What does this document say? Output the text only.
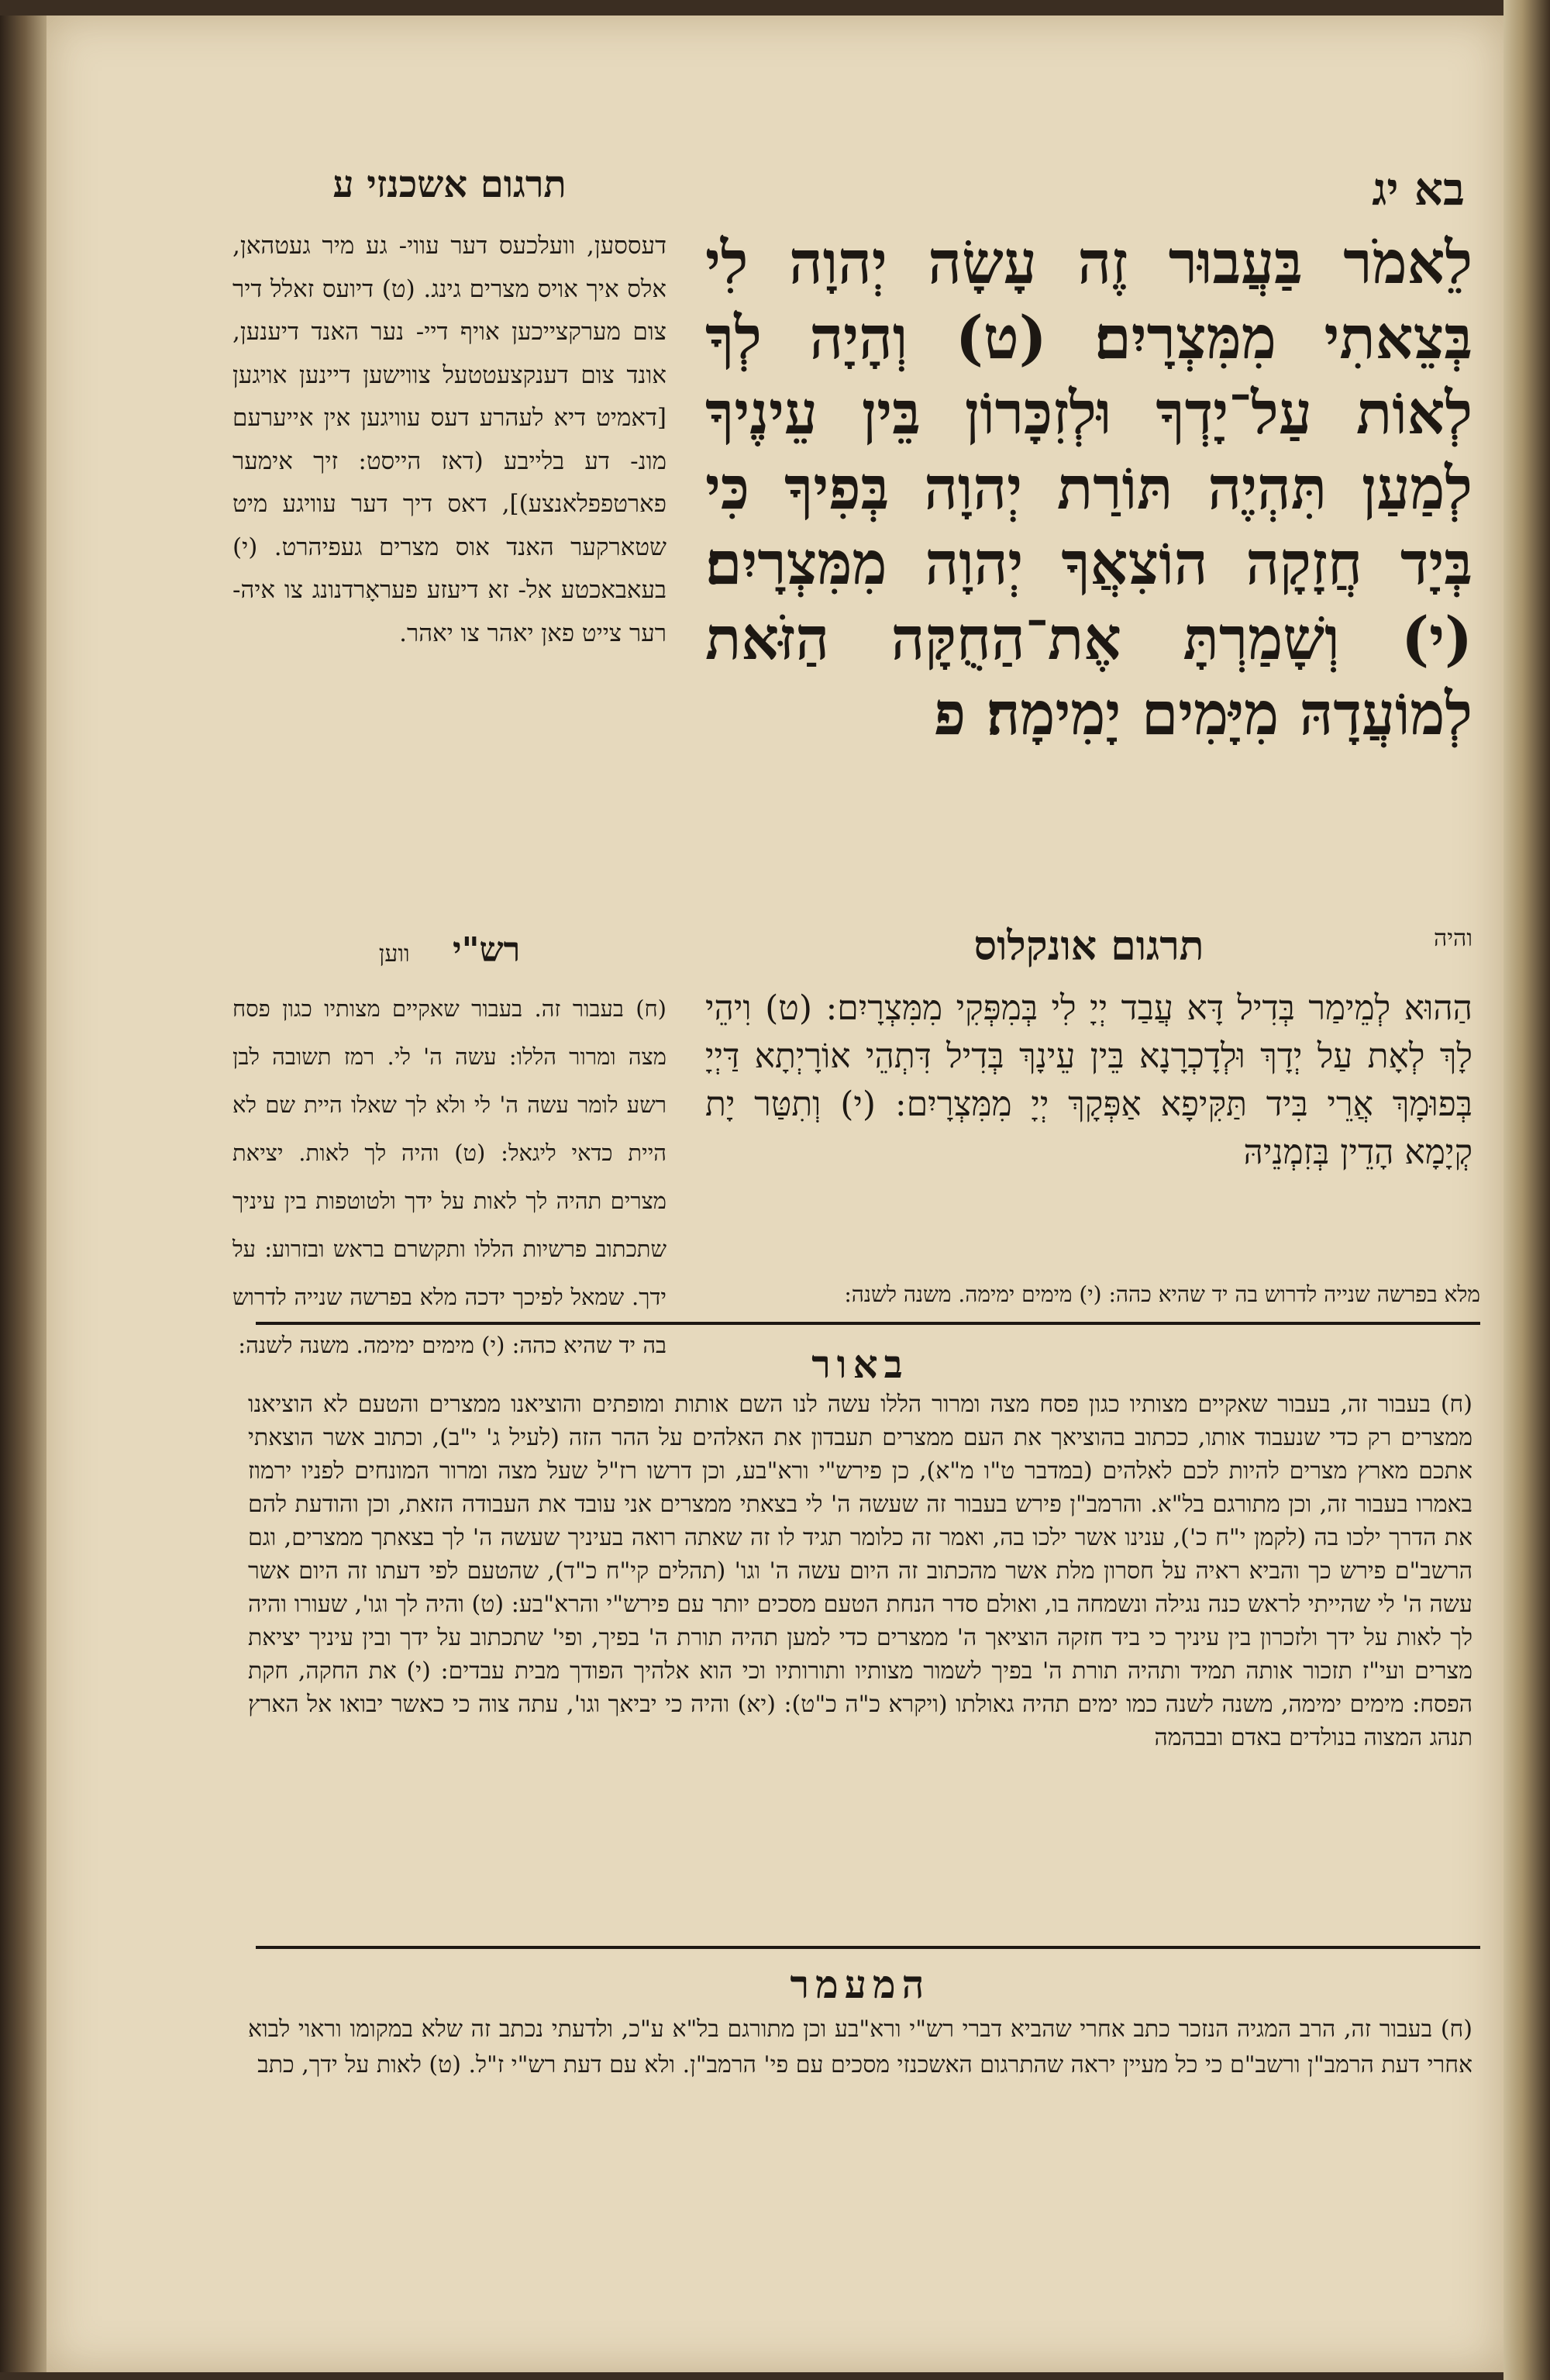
בא יג
לֵאמֹר בַּעֲבוּר זֶה עָשָׂה יְהוָה לִי בְּצֵאתִי מִמִּצְרָיִם׃ (ט) וְהָיָה לְךָ לְאוֹת עַל־יָדְךָ וּלְזִכָּרוֹן בֵּין עֵינֶיךָ לְמַעַן תִּהְיֶה תּוֹרַת יְהוָה בְּפִיךָ כִּי בְּיָד חֲזָקָה הוֹצִאֲךָ יְהוָה מִמִּצְרָיִם׃ (י) וְשָׁמַרְתָּ אֶת־הַחֻקָּה הַזֹּאת לְמוֹעֲדָהּ מִיָּמִים יָמִימָה׃ פ
והיה
תרגום אשכנזי ע
דעססען, וועלכעס דער עווי- גע מיר געטהאן, אלס איך אויס מצרים גינג. (ט) דיועס זאלל דיר צום מערקצייכען אויף דיי- נער האנד דיענען, אונד צום דענקצעטטעל צווישען דיינען אויגען [דאמיט דיא לעהרע דעס עוויגען אין אייערעם מונ- דע בלייבע (דאז הייסט: זיך אימער פארטפפלאנצע)], דאס דיך דער עוויגע מיט שטארקער האנד אוס מצרים געפיהרט. (י) בעאבאכטע אל- זא דיעזע פעראָרדנונג צו איה- רער צייט פאן יאהר צו יאהר.
תרגום אונקלוס
הַהוּא לְמֵימַר בְּדִיל דָּא עֲבַד יְיָ לִי בְּמִפְּקִי מִמִּצְרָיִם: (ט) וִיהֵי לָךְ לְאָת עַל יְדָךְ וּלְדָכְרָנָא בֵּין עֵינָךְ בְּדִיל דִּתְהֵי אוֹרָיְתָא דַּיְיָ בְּפוּמָךְ אֲרֵי בִּיד תַּקִּיפָא אַפְּקָךְ יְיָ מִמִּצְרָיִם: (י) וְתִטַּר יָת קְיָמָא הָדֵין בְּזִמְנֵיהּ
רש"י ווען
(ח) בעבור זה. בעבור שאקיים מצותיו כגון פסח מצה ומרור הללו: עשה ה' לי. רמז תשובה לבן רשע לומר עשה ה' לי ולא לך שאלו היית שם לא היית כדאי ליגאל: (ט) והיה לך לאות. יציאת מצרים תהיה לך לאות על ידך ולטוטפות בין עיניך שתכתוב פרשיות הללו ותקשרם בראש ובזרוע: על ידך. שמאל לפיכך ידכה מלא בפרשה שנייה לדרוש בה יד שהיא כהה: (י) מימים ימימה. משנה לשנה:
מלא בפרשה שנייה לדרוש בה יד שהיא כהה: (י) מימים ימימה. משנה לשנה:
באור
(ח) בעבור זה, בעבור שאקיים מצותיו כגון פסח מצה ומרור הללו עשה לנו השם אותות ומופתים והוציאנו ממצרים והטעם לא הוציאנו ממצרים רק כדי שנעבוד אותו, ככתוב בהוציאך את העם ממצרים תעבדון את האלהים על ההר הזה (לעיל ג' י"ב), וכתוב אשר הוצאתי אתכם מארץ מצרים להיות לכם לאלהים (במדבר ט"ו מ"א), כן פירש"י ורא"בע, וכן דרשו רז"ל שעל מצה ומרור המונחים לפניו ירמוז באמרו בעבור זה, וכן מתורגם בל"א. והרמב"ן פירש בעבור זה שעשה ה' לי בצאתי ממצרים אני עובד את העבודה הזאת, וכן והודעת להם את הדרך ילכו בה (לקמן י"ח כ'), ענינו אשר ילכו בה, ואמר זה כלומר תגיד לו זה שאתה רואה בעיניך שעשה ה' לך בצאתך ממצרים, וגם הרשב"ם פירש כך והביא ראיה על חסרון מלת אשר מהכתוב זה היום עשה ה' וגו' (תהלים קי"ח כ"ד), שהטעם לפי דעתו זה היום אשר עשה ה' לי שהייתי לראש כנה נגילה ונשמחה בו, ואולם סדר הנחת הטעם מסכים יותר עם פירש"י והרא"בע: (ט) והיה לך וגו', שעורו והיה לך לאות על ידך ולזכרון בין עיניך כי ביד חזקה הוציאך ה' ממצרים כדי למען תהיה תורת ה' בפיך, ופי' שתכתוב על ידך ובין עיניך יציאת מצרים ועי"ז תזכור אותה תמיד ותהיה תורת ה' בפיך לשמור מצותיו ותורותיו וכי הוא אלהיך הפודך מבית עבדים: (י) את החקה, חקת הפסח: מימים ימימה, משנה לשנה כמו ימים תהיה גאולתו (ויקרא כ"ה כ"ט): (יא) והיה כי יביאך וגו', עתה צוה כי כאשר יבואו אל הארץ תנהג המצוה בנולדים באדם ובבהמה
המעמר
(ח) בעבור זה, הרב המגיה הנזכר כתב אחרי שהביא דברי רש"י ורא"בע וכן מתורגם בל"א ע"כ, ולדעתי נכתב זה שלא במקומו וראוי לבוא אחרי דעת הרמב"ן ורשב"ם כי כל מעיין יראה שהתרגום האשכנזי מסכים עם פי' הרמב"ן. ולא עם דעת רש"י ז"ל. (ט) לאות על ידך, כתב
